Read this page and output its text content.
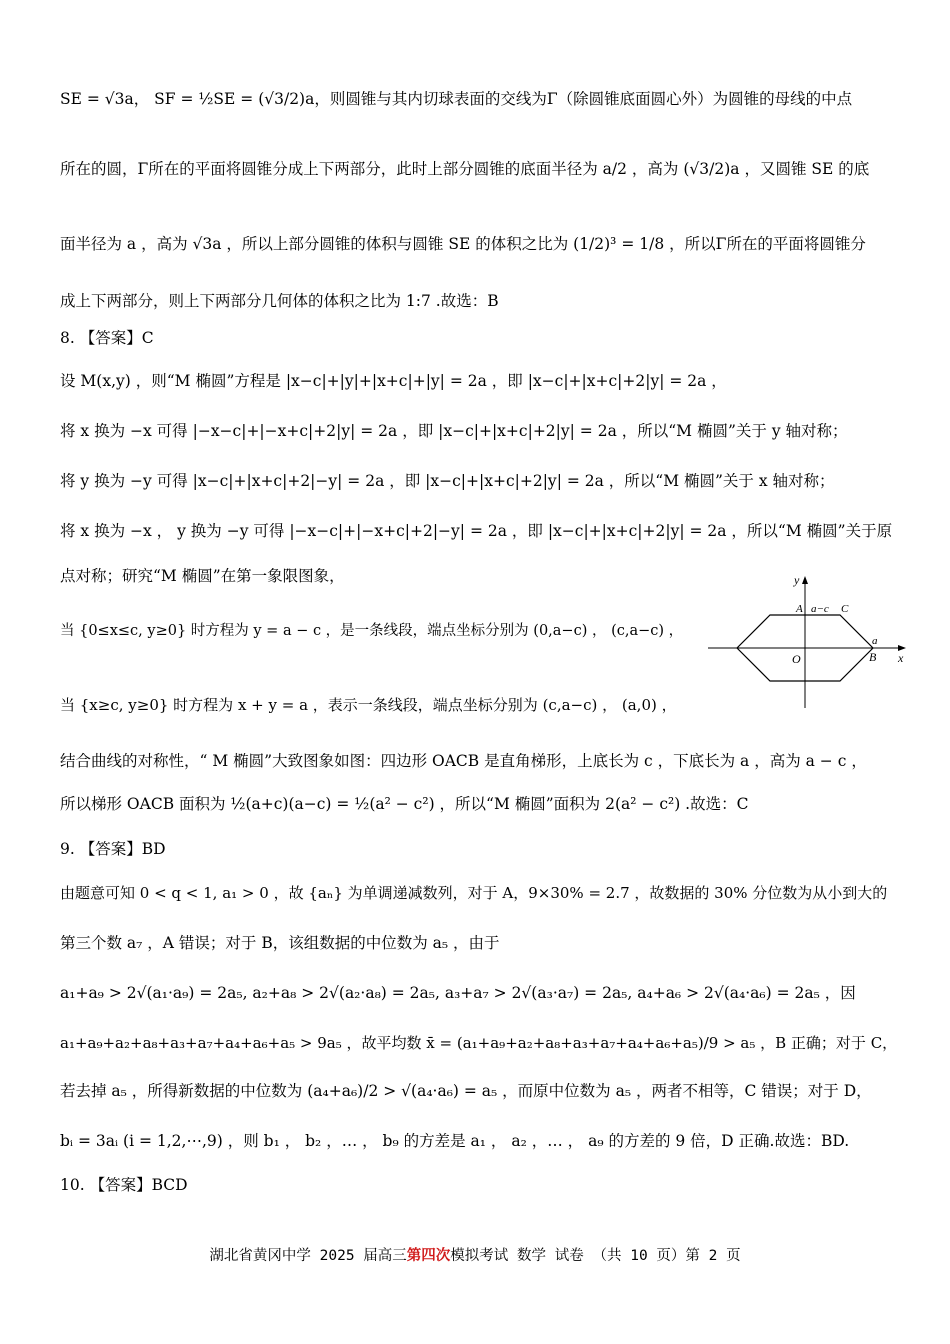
SE = √3a， SF = ½SE = (√3/2)a，则圆锥与其内切球表面的交线为Γ（除圆锥底面圆心外）为圆锥的母线的中点
所在的圆，Γ所在的平面将圆锥分成上下两部分，此时上部分圆锥的底面半径为 a/2 ，高为 (√3/2)a ，又圆锥 SE 的底
面半径为 a ，高为 √3a ，所以上部分圆锥的体积与圆锥 SE 的体积之比为 (1/2)³ = 1/8 ，所以Γ所在的平面将圆锥分
成上下两部分，则上下两部分几何体的体积之比为 1:7 .故选：B
8. 【答案】C
设 M(x,y) ，则“M 椭圆”方程是 |x−c|+|y|+|x+c|+|y| = 2a ，即 |x−c|+|x+c|+2|y| = 2a ，
将 x 换为 −x 可得 |−x−c|+|−x+c|+2|y| = 2a ，即 |x−c|+|x+c|+2|y| = 2a ，所以“M 椭圆”关于 y 轴对称；
将 y 换为 −y 可得 |x−c|+|x+c|+2|−y| = 2a ，即 |x−c|+|x+c|+2|y| = 2a ，所以“M 椭圆”关于 x 轴对称；
将 x 换为 −x ， y 换为 −y 可得 |−x−c|+|−x+c|+2|−y| = 2a ，即 |x−c|+|x+c|+2|y| = 2a ，所以“M 椭圆”关于原
点对称；研究“M 椭圆”在第一象限图象，
当 {0≤x≤c, y≥0} 时方程为 y = a − c ，是一条线段，端点坐标分别为 (0,a−c) ， (c,a−c) ，
当 {x≥c, y≥0} 时方程为 x + y = a ，表示一条线段，端点坐标分别为 (c,a−c) ， (a,0) ，
结合曲线的对称性，“ M 椭圆”大致图象如图：四边形 OACB 是直角梯形，上底长为 c ，下底长为 a ，高为 a − c ，
所以梯形 OACB 面积为 ½(a+c)(a−c) = ½(a² − c²) ，所以“M 椭圆”面积为 2(a² − c²) .故选：C
9. 【答案】BD
由题意可知 0 < q < 1, a₁ > 0 ，故 {aₙ} 为单调递减数列，对于 A，9×30% = 2.7 ，故数据的 30% 分位数为从小到大的
第三个数 a₇ ，A 错误；对于 B，该组数据的中位数为 a₅ ，由于
a₁+a₉ > 2√(a₁·a₉) = 2a₅, a₂+a₈ > 2√(a₂·a₈) = 2a₅, a₃+a₇ > 2√(a₃·a₇) = 2a₅, a₄+a₆ > 2√(a₄·a₆) = 2a₅ ，因
a₁+a₉+a₂+a₈+a₃+a₇+a₄+a₆+a₅ > 9a₅ ，故平均数 x̄ = (a₁+a₉+a₂+a₈+a₃+a₇+a₄+a₆+a₅)/9 > a₅ ，B 正确；对于 C，
若去掉 a₅ ，所得新数据的中位数为 (a₄+a₆)/2 > √(a₄·a₆) = a₅ ，而原中位数为 a₅ ，两者不相等，C 错误；对于 D，
bᵢ = 3aᵢ (i = 1,2,⋯,9) ，则 b₁ ， b₂ ，… ， b₉ 的方差是 a₁ ， a₂ ，… ， a₉ 的方差的 9 倍，D 正确.故选：BD.
10. 【答案】BCD
y
x
A a−c C
O
a
B
湖北省黄冈中学 2025 届高三第四次模拟考试 数学 试卷 （共 10 页）第 2 页
